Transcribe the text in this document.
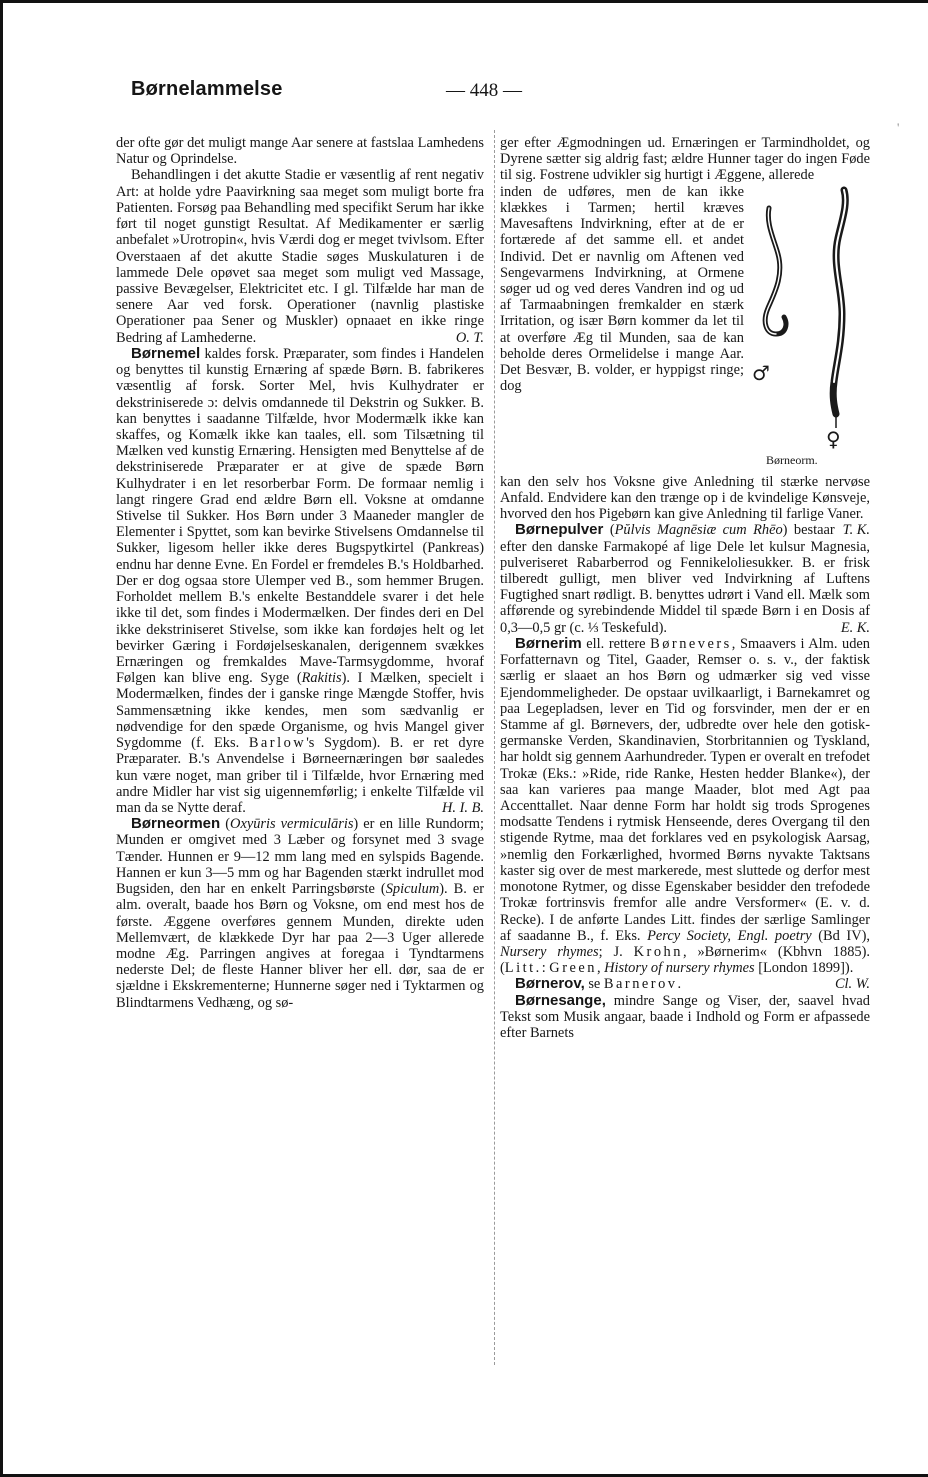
Børnelammelse	— 448 —
'

der ofte gør det muligt mange Aar senere at fastslaa Lamhedens Natur og Oprindelse.

Behandlingen i det akutte Stadie er væsentlig af rent negativ Art: at holde ydre Paavirkning saa meget som muligt borte fra Patienten. Forsøg paa Behandling med specifikt Serum har ikke ført til noget gunstigt Resultat. Af Medikamenter er særlig anbefalet »Urotropin«, hvis Værdi dog er meget tvivlsom. Efter Overstaaen af det akutte Stadie søges Muskulaturen i de lammede Dele opøvet saa meget som muligt ved Massage, passive Bevægelser, Elektricitet etc. I gl. Tilfælde har man de senere Aar ved forsk. Operationer (navnlig plastiske Operationer paa Sener og Muskler) opnaaet en ikke ringe Bedring af Lamhederne.	O. T.

Børnemel kaldes forsk. Præparater, som findes i Handelen og benyttes til kunstig Ernæring af spæde Børn. B. fabrikeres væsentlig af forsk. Sorter Mel, hvis Kulhydrater er dekstriniserede ɔ: delvis omdannede til Dekstrin og Sukker. B. kan benyttes i saadanne Tilfælde, hvor Modermælk ikke kan skaffes, og Komælk ikke kan taales, ell. som Tilsætning til Mælken ved kunstig Ernæring. Hensigten med Benyttelse af de dekstriniserede Præparater er at give de spæde Børn Kulhydrater i en let resorberbar Form. De formaar nemlig i langt ringere Grad end ældre Børn ell. Voksne at omdanne Stivelse til Sukker. Hos Børn under 3 Maaneder mangler de Elementer i Spyttet, som kan bevirke Stivelsens Omdannelse til Sukker, ligesom heller ikke deres Bugspytkirtel (Pankreas) endnu har denne Evne. En Fordel er fremdeles B.'s Holdbarhed. Der er dog ogsaa store Ulemper ved B., som hemmer Brugen. Forholdet mellem B.'s enkelte Bestanddele svarer i det hele ikke til det, som findes i Modermælken. Der findes deri en Del ikke dekstriniseret Stivelse, som ikke kan fordøjes helt og let bevirker Gæring i Fordøjelseskanalen, derigennem svækkes Ernæringen og fremkaldes Mave-Tarmsygdomme, hvoraf Følgen kan blive eng. Syge (Rakitis). I Mælken, specielt i Modermælken, findes der i ganske ringe Mængde Stoffer, hvis Sammensætning ikke kendes, men som sædvanlig er nødvendige for den spæde Organisme, og hvis Mangel giver Sygdomme (f. Eks. Barlow's Sygdom). B. er ret dyre Præparater. B.'s Anvendelse i Børneernæringen bør saaledes kun være noget, man griber til i Tilfælde, hvor Ernæring med andre Midler har vist sig uigennemførlig; i enkelte Tilfælde vil man da se Nytte deraf.	H. I. B.

Børneormen (Oxyūris vermiculāris) er en lille Rundorm; Munden er omgivet med 3 Læber og forsynet med 3 svage Tænder. Hunnen er 9—12 mm lang med en sylspids Bagende. Hannen er kun 3—5 mm og har Bagenden stærkt indrullet mod Bugsiden, den har en enkelt Parringsbørste (Spiculum). B. er alm. overalt, baade hos Børn og Voksne, om end mest hos de første. Æggene overføres gennem Munden, direkte uden Mellemvært, de klækkede Dyr har paa 2—3 Uger allerede modne Æg. Parringen angives at foregaa i Tyndtarmens nederste Del; de fleste Hanner bliver her ell. dør, saa de er sjældne i Ekskrementerne; Hunnerne søger ned i Tyktarmen og Blindtarmens Vedhæng, og sø-

ger efter Ægmodningen ud. Ernæringen er Tarmindholdet, og Dyrene sætter sig aldrig fast; ældre Hunner tager do ingen Føde til sig. Fostrene udvikler sig hurtigt i Æggene, allerede

inden de udføres, men de kan ikke klækkes i Tarmen; hertil kræves Mavesaftens Indvirkning, efter at de er fortærede af det samme ell. et andet Individ. Det er navnlig om Aftenen ved Sengevarmens Indvirkning, at Ormene søger ud og ved deres Vandren ind og ud af Tarmaabningen fremkalder en stærk Irritation, og især Børn kommer da let til at overføre Æg til Munden, saa de kan beholde deres Ormelidelse i mange Aar. Det Besvær, B. volder, er hyppigst ringe; dog

♂
♀
Børneorm.

kan den selv hos Voksne give Anledning til stærke nervøse Anfald. Endvidere kan den trænge op i de kvindelige Kønsveje, hvorved den hos Pigebørn kan give Anledning til farlige Vaner.
T. K.

Børnepulver (Pŭlvis Magnēsiæ cum Rhēo) bestaar efter den danske Farmakopé af lige Dele let kulsur Magnesia, pulveriseret Rabarberrod og Fennikeloliesukker. B. er frisk tilberedt gulligt, men bliver ved Indvirkning af Luftens Fugtighed snart rødligt. B. benyttes udrørt i Vand ell. Mælk som afførende og syrebindende Middel til spæde Børn i en Dosis af 0,3—0,5 gr (c. ⅓ Teskefuld).	E. K.

Børnerim ell. rettere Børnevers, Smaavers i Alm. uden Forfatternavn og Titel, Gaader, Remser o. s. v., der faktisk særlig er slaaet an hos Børn og udmærker sig ved visse Ejendommeligheder. De opstaar uvilkaarligt, i Barnekamret og paa Legepladsen, lever en Tid og forsvinder, men der er en Stamme af gl. Børnevers, der, udbredte over hele den gotisk-germanske Verden, Skandinavien, Storbritannien og Tyskland, har holdt sig gennem Aarhundreder. Typen er overalt en trefodet Trokæ (Eks.: »Ride, ride Ranke, Hesten hedder Blanke«), der saa kan varieres paa mange Maader, blot med Agt paa Accenttallet. Naar denne Form har holdt sig trods Sprogenes modsatte Tendens i rytmisk Henseende, deres Overgang til den stigende Rytme, maa det forklares ved en psykologisk Aarsag, »nemlig den Forkærlighed, hvormed Børns nyvakte Taktsans kaster sig over de mest markerede, mest sluttede og derfor mest monotone Rytmer, og disse Egenskaber besidder den trefodede Trokæ fortrinsvis fremfor alle andre Versformer« (E. v. d. Recke). I de anførte Landes Litt. findes der særlige Samlinger af saadanne B., f. Eks. Percy Society, Engl. poetry (Bd IV), Nursery rhymes; J. Krohn, »Børnerim« (Kbhvn 1885). (Litt.: Green, History of nursery rhymes [London 1899]).
Cl. W.

Børnerov, se Barnerov.

Børnesange, mindre Sange og Viser, der, saavel hvad Tekst som Musik angaar, baade i Indhold og Form er afpassede efter Barnets
